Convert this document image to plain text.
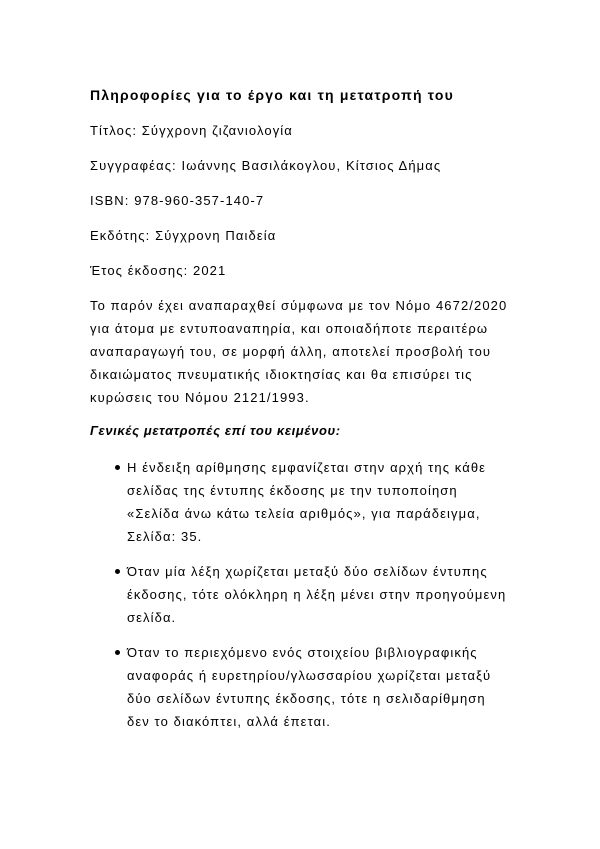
Πληροφορίες για το έργο και τη μετατροπή του
Τίτλος: Σύγχρονη ζιζανιολογία
Συγγραφέας: Ιωάννης Βασιλάκογλου, Κίτσιος Δήμας
ISBN: 978-960-357-140-7
Εκδότης: Σύγχρονη Παιδεία
Έτος έκδοσης: 2021
Το παρόν έχει αναπαραχθεί σύμφωνα με τον Νόμο 4672/2020
για άτομα με εντυποαναπηρία, και οποιαδήποτε περαιτέρω
αναπαραγωγή του, σε μορφή άλλη, αποτελεί προσβολή του
δικαιώματος πνευματικής ιδιοκτησίας και θα επισύρει τις
κυρώσεις του Νόμου 2121/1993.
Γενικές μετατροπές επί του κειμένου:
Η ένδειξη αρίθμησης εμφανίζεται στην αρχή της κάθε
σελίδας της έντυπης έκδοσης με την τυποποίηση
«Σελίδα άνω κάτω τελεία αριθμός», για παράδειγμα,
Σελίδα: 35.
Όταν μία λέξη χωρίζεται μεταξύ δύο σελίδων έντυπης
έκδοσης, τότε ολόκληρη η λέξη μένει στην προηγούμενη
σελίδα.
Όταν το περιεχόμενο ενός στοιχείου βιβλιογραφικής
αναφοράς ή ευρετηρίου/γλωσσαρίου χωρίζεται μεταξύ
δύο σελίδων έντυπης έκδοσης, τότε η σελιδαρίθμηση
δεν το διακόπτει, αλλά έπεται.
